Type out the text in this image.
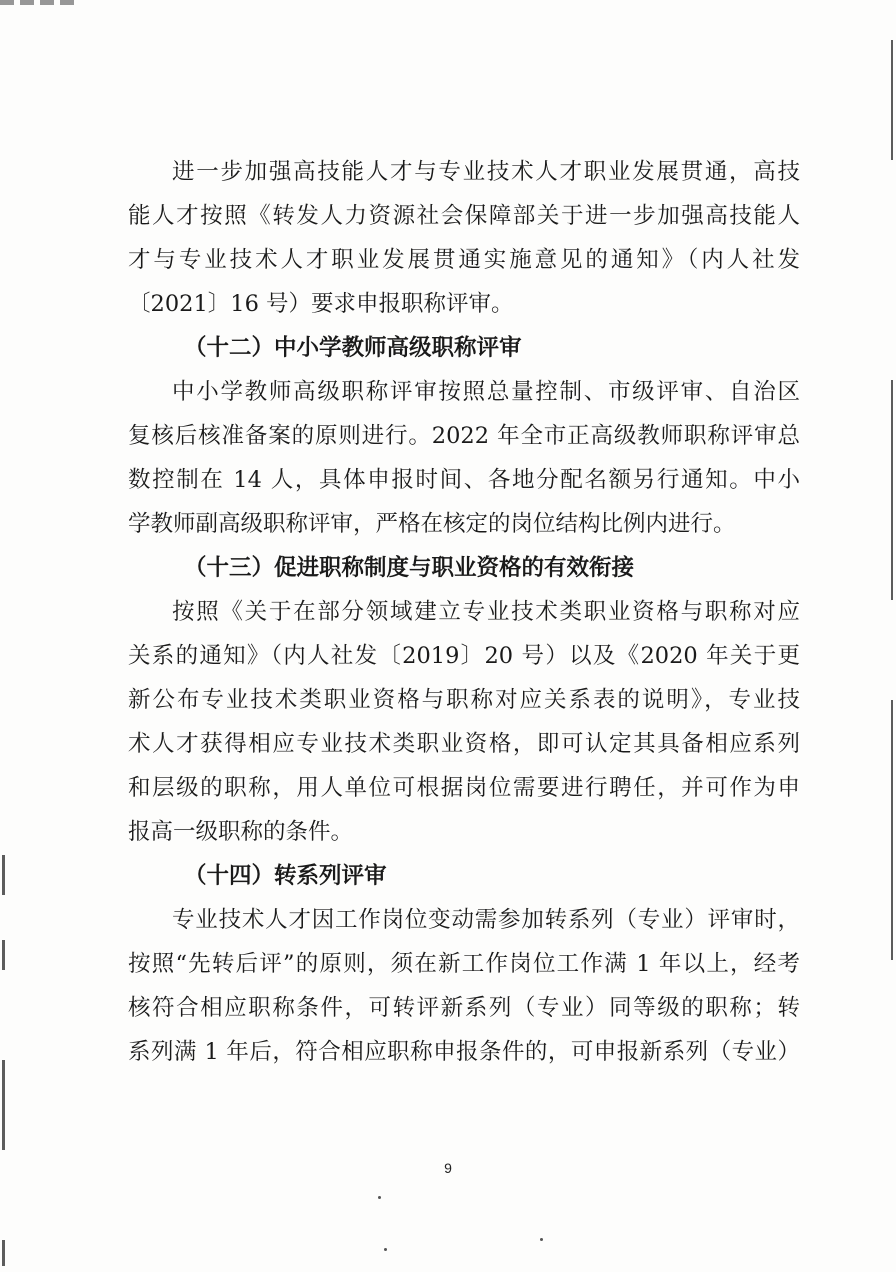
进一步加强高技能人才与专业技术人才职业发展贯通，高技
能人才按照《转发人力资源社会保障部关于进一步加强高技能人
才与专业技术人才职业发展贯通实施意见的通知》（内人社发
〔2021〕16 号）要求申报职称评审。
（十二）中小学教师高级职称评审
中小学教师高级职称评审按照总量控制、市级评审、自治区
复核后核准备案的原则进行。2022 年全市正高级教师职称评审总
数控制在 14 人，具体申报时间、各地分配名额另行通知。中小
学教师副高级职称评审，严格在核定的岗位结构比例内进行。
（十三）促进职称制度与职业资格的有效衔接
按照《关于在部分领域建立专业技术类职业资格与职称对应
关系的通知》（内人社发〔2019〕20 号）以及《2020 年关于更
新公布专业技术类职业资格与职称对应关系表的说明》，专业技
术人才获得相应专业技术类职业资格，即可认定其具备相应系列
和层级的职称，用人单位可根据岗位需要进行聘任，并可作为申
报高一级职称的条件。
（十四）转系列评审
专业技术人才因工作岗位变动需参加转系列（专业）评审时，
按照“先转后评”的原则，须在新工作岗位工作满 1 年以上，经考
核符合相应职称条件，可转评新系列（专业）同等级的职称；转
系列满 1 年后，符合相应职称申报条件的，可申报新系列（专业）
9
